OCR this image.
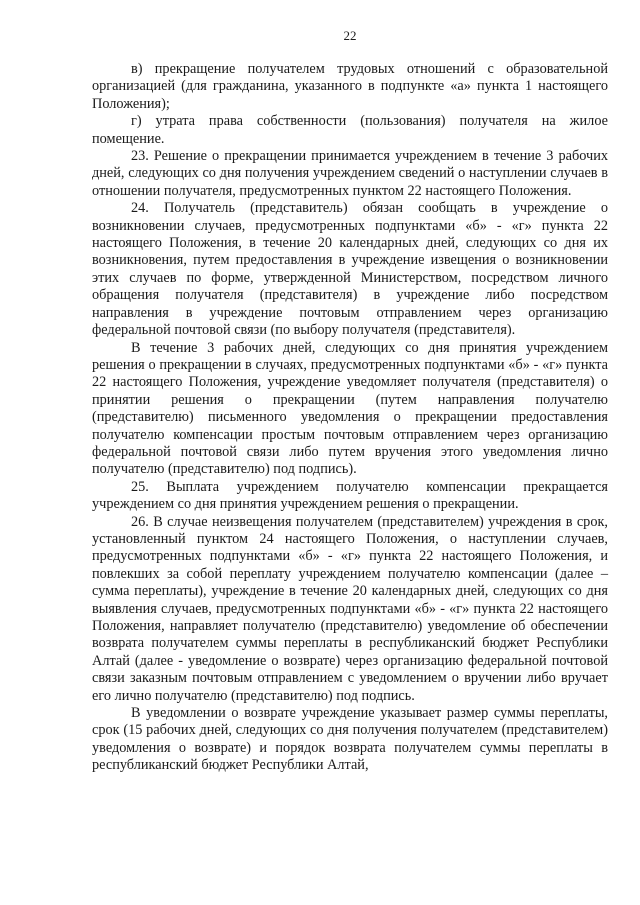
22

в) прекращение получателем трудовых отношений с образовательной организацией (для гражданина, указанного в подпункте «а» пункта 1 настоящего Положения);

г) утрата права собственности (пользования) получателя на жилое помещение.

23. Решение о прекращении принимается учреждением в течение 3 рабочих дней, следующих со дня получения учреждением сведений о наступлении случаев в отношении получателя, предусмотренных пунктом 22 настоящего Положения.

24. Получатель (представитель) обязан сообщать в учреждение о возникновении случаев, предусмотренных подпунктами «б» - «г» пункта 22 настоящего Положения, в течение 20 календарных дней, следующих со дня их возникновения, путем предоставления в учреждение извещения о возникновении этих случаев по форме, утвержденной Министерством, посредством личного обращения получателя (представителя) в учреждение либо посредством направления в учреждение почтовым отправлением через организацию федеральной почтовой связи (по выбору получателя (представителя).

В течение 3 рабочих дней, следующих со дня принятия учреждением решения о прекращении в случаях, предусмотренных подпунктами «б» - «г» пункта 22 настоящего Положения, учреждение уведомляет получателя (представителя) о принятии решения о прекращении (путем направления получателю (представителю) письменного уведомления о прекращении предоставления получателю компенсации простым почтовым отправлением через организацию федеральной почтовой связи либо путем вручения этого уведомления лично получателю (представителю) под подпись).

25. Выплата учреждением получателю компенсации прекращается учреждением со дня принятия учреждением решения о прекращении.

26. В случае неизвещения получателем (представителем) учреждения в срок, установленный пунктом 24 настоящего Положения, о наступлении случаев, предусмотренных подпунктами «б» - «г» пункта 22 настоящего Положения, и повлекших за собой переплату учреждением получателю компенсации (далее – сумма переплаты), учреждение в течение 20 календарных дней, следующих со дня выявления случаев, предусмотренных подпунктами «б» - «г» пункта 22 настоящего Положения, направляет получателю (представителю) уведомление об обеспечении возврата получателем суммы переплаты в республиканский бюджет Республики Алтай (далее - уведомление о возврате) через организацию федеральной почтовой связи заказным почтовым отправлением с уведомлением о вручении либо вручает его лично получателю (представителю) под подпись.

В уведомлении о возврате учреждение указывает размер суммы переплаты, срок (15 рабочих дней, следующих со дня получения получателем (представителем) уведомления о возврате) и порядок возврата получателем суммы переплаты в республиканский бюджет Республики Алтай,
